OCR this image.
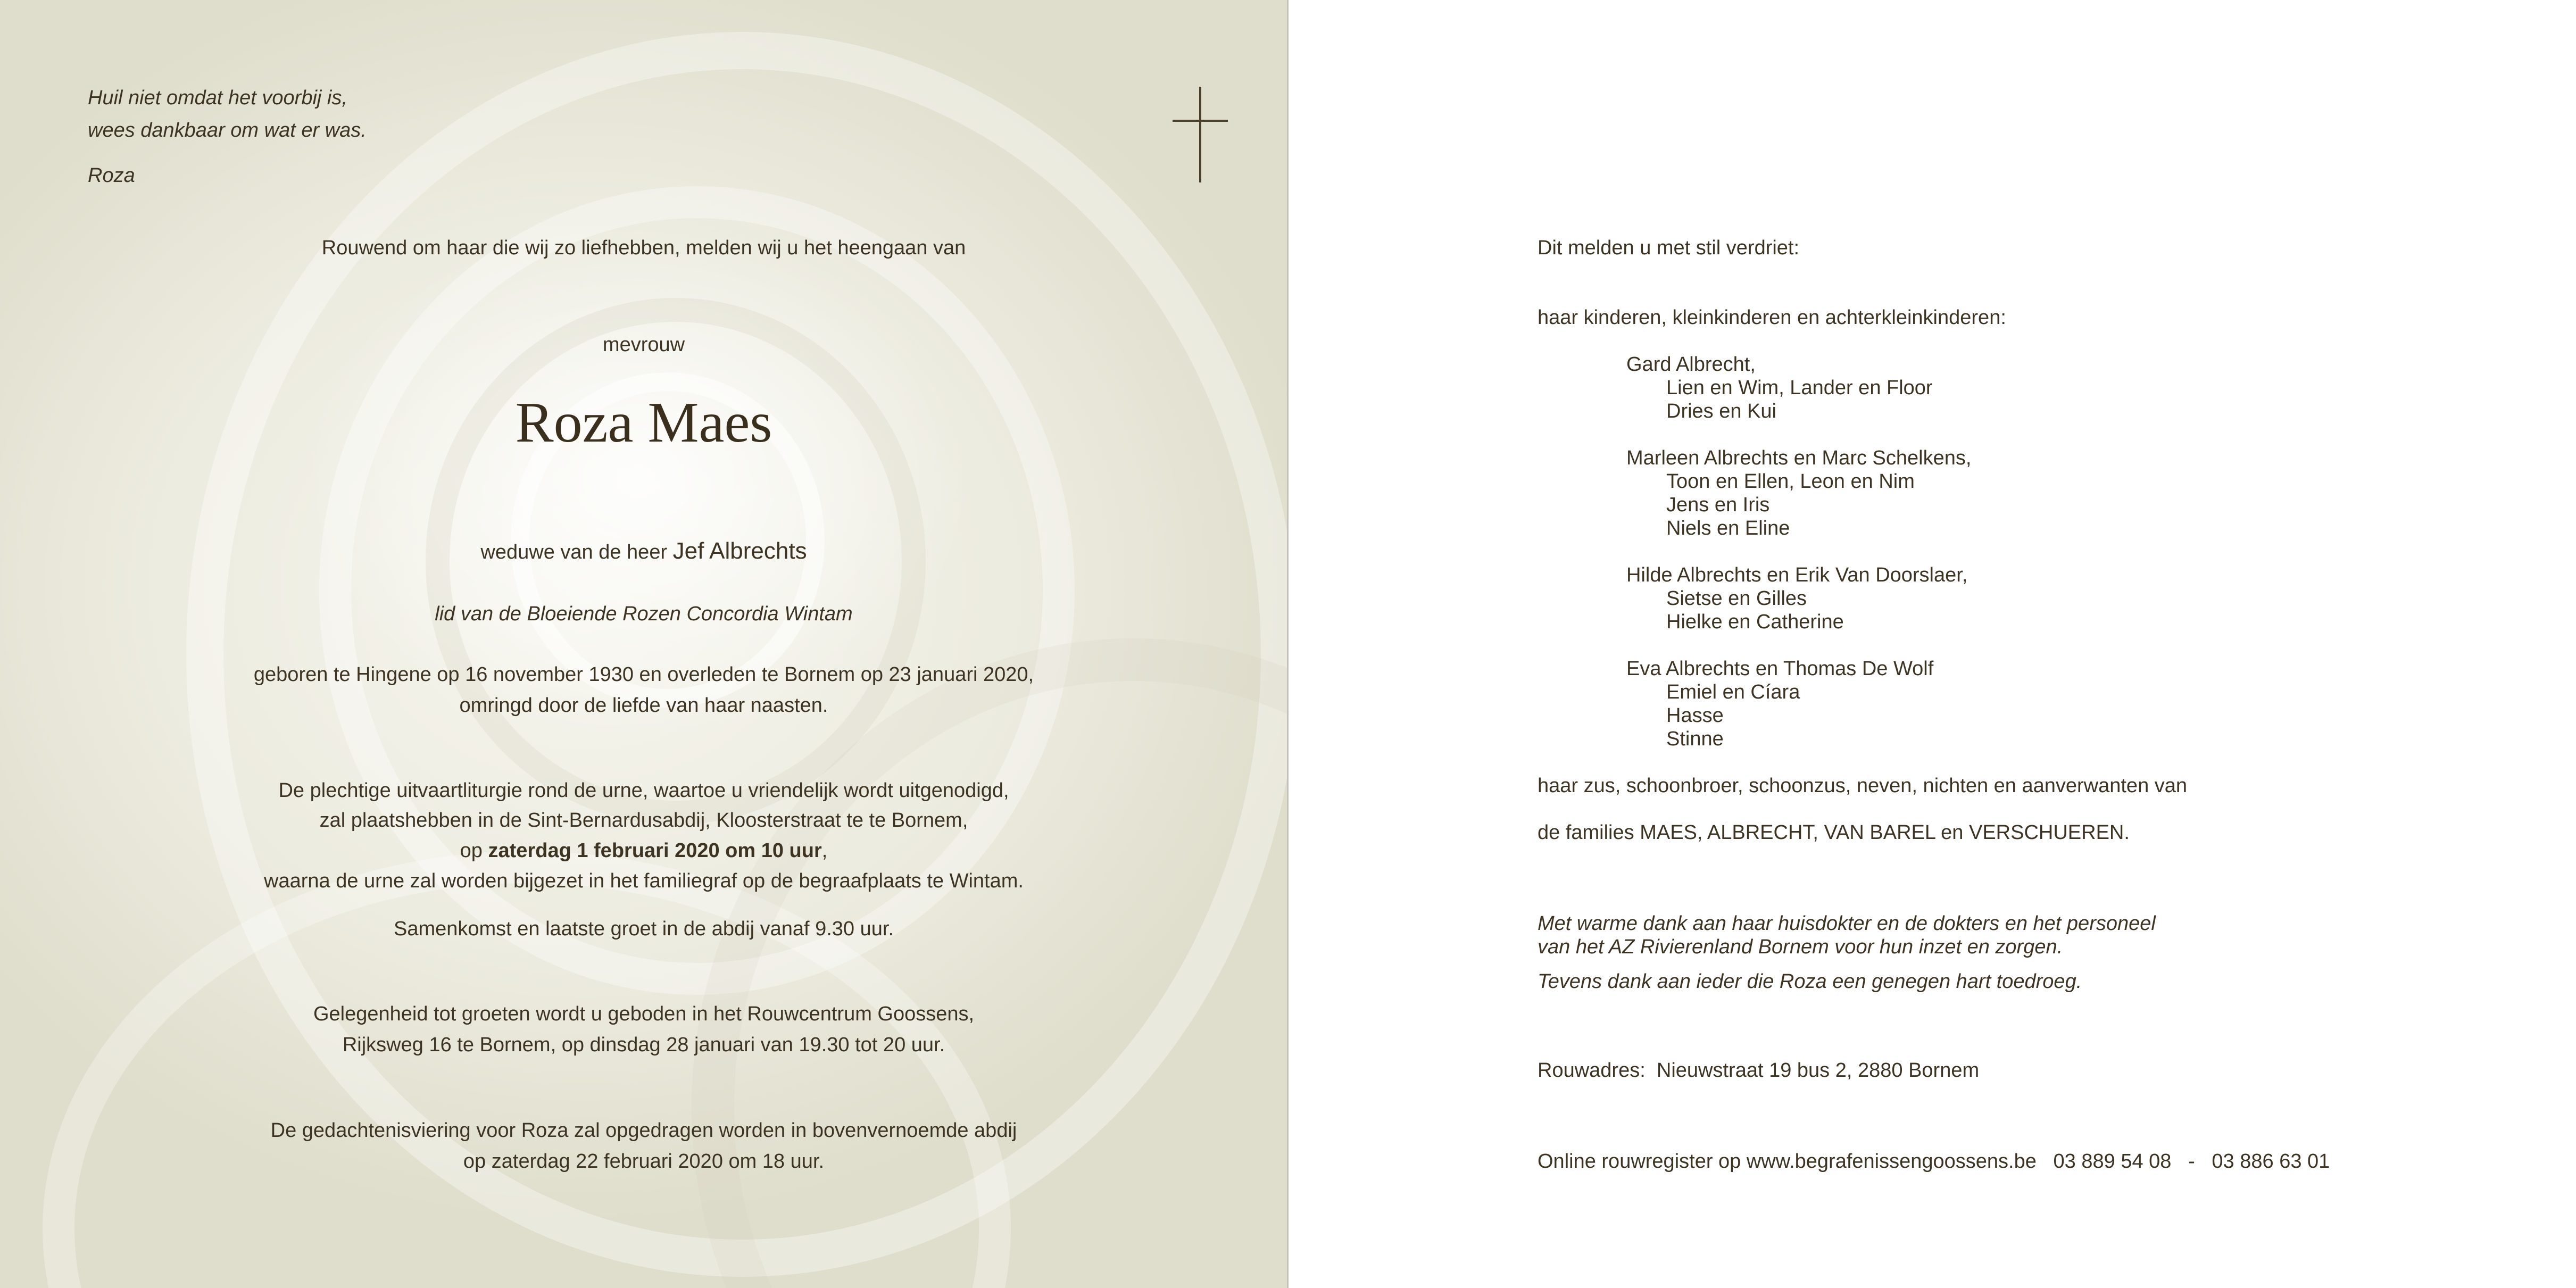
Huil niet omdat het voorbij is,
wees dankbaar om wat er was.
Roza
Rouwend om haar die wij zo liefhebben, melden wij u het heengaan van
mevrouw
Roza Maes
weduwe van de heer Jef Albrechts
lid van de Bloeiende Rozen Concordia Wintam
geboren te Hingene op 16 november 1930 en overleden te Bornem op 23 januari 2020,
omringd door de liefde van haar naasten.
De plechtige uitvaartliturgie rond de urne, waartoe u vriendelijk wordt uitgenodigd,
zal plaatshebben in de Sint-Bernardusabdij, Kloosterstraat te te Bornem,
op zaterdag 1 februari 2020 om 10 uur,
waarna de urne zal worden bijgezet in het familiegraf op de begraafplaats te Wintam.
Samenkomst en laatste groet in de abdij vanaf 9.30 uur.
Gelegenheid tot groeten wordt u geboden in het Rouwcentrum Goossens,
Rijksweg 16 te Bornem, op dinsdag 28 januari van 19.30 tot 20 uur.
De gedachtenisviering voor Roza zal opgedragen worden in bovenvernoemde abdij
op zaterdag 22 februari 2020 om 18 uur.
Dit melden u met stil verdriet:
haar kinderen, kleinkinderen en achterkleinkinderen:
Gard Albrecht,
Lien en Wim, Lander en Floor
Dries en Kui
Marleen Albrechts en Marc Schelkens,
Toon en Ellen, Leon en Nim
Jens en Iris
Niels en Eline
Hilde Albrechts en Erik Van Doorslaer,
Sietse en Gilles
Hielke en Catherine
Eva Albrechts en Thomas De Wolf
Emiel en Cíara
Hasse
Stinne
haar zus, schoonbroer, schoonzus, neven, nichten en aanverwanten van
de families MAES, ALBRECHT, VAN BAREL en VERSCHUEREN.
Met warme dank aan haar huisdokter en de dokters en het personeel
van het AZ Rivierenland Bornem voor hun inzet en zorgen.
Tevens dank aan ieder die Roza een genegen hart toedroeg.
Rouwadres:  Nieuwstraat 19 bus 2, 2880 Bornem
Online rouwregister op www.begrafenissengoossens.be   03 889 54 08   -   03 886 63 01
